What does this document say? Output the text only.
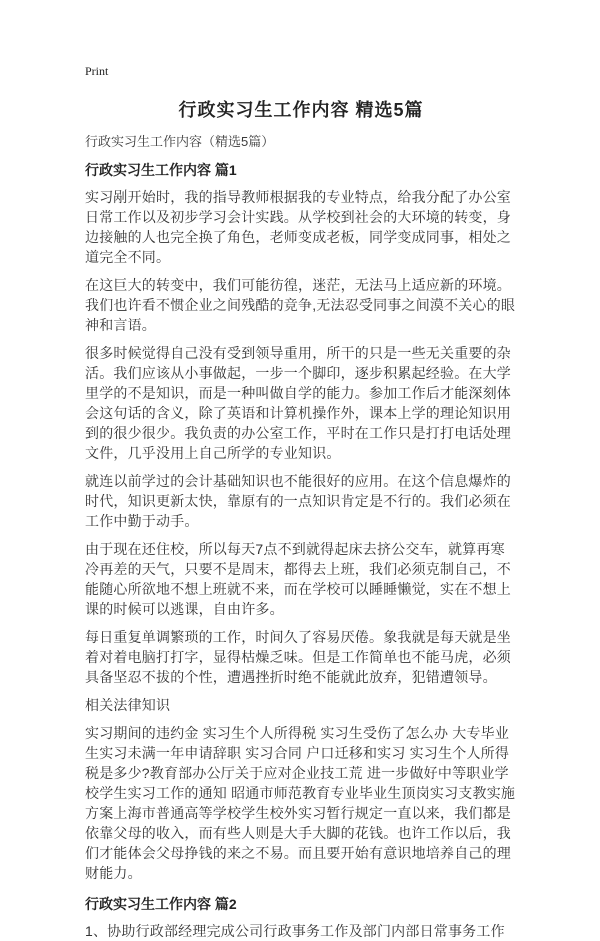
Print
行政实习生工作内容 精选5篇
行政实习生工作内容（精选5篇）
行政实习生工作内容 篇1

实习剐开始时，我的指导教师根据我的专业特点，给我分配了办公室日常工作以及初步学习会计实践。从学校到社会的大环境的转变，身边接触的人也完全换了角色，老师变成老板，同学变成同事，相处之道完全不同。

在这巨大的转变中，我们可能彷徨，迷茫，无法马上适应新的环境。我们也许看不惯企业之间残酷的竞争,无法忍受同事之间漠不关心的眼神和言语。

很多时候觉得自己没有受到领导重用，所干的只是一些无关重要的杂活。我们应该从小事做起，一步一个脚印，逐步积累起经验。在大学里学的不是知识，而是一种叫做自学的能力。参加工作后才能深刻体会这句话的含义，除了英语和计算机操作外，课本上学的理论知识用到的很少很少。我负责的办公室工作，平时在工作只是打打电话处理文件，几乎没用上自己所学的专业知识。

就连以前学过的会计基础知识也不能很好的应用。在这个信息爆炸的时代，知识更新太快，靠原有的一点知识肯定是不行的。我们必须在工作中勤于动手。

由于现在还住校，所以每天7点不到就得起床去挤公交车，就算再寒冷再差的天气，只要不是周末，都得去上班，我们必须克制自己，不能随心所欲地不想上班就不来，而在学校可以睡睡懒觉，实在不想上课的时候可以逃课，自由许多。

每日重复单调繁琐的工作，时间久了容易厌倦。象我就是每天就是坐着对着电脑打打字，显得枯燥乏味。但是工作简单也不能马虎，必须具备坚忍不拔的个性，遭遇挫折时绝不能就此放弃，犯错遭领导。

相关法律知识

实习期间的违约金 实习生个人所得税 实习生受伤了怎么办 大专毕业生实习未满一年申请辞职 实习合同 户口迁移和实习 实习生个人所得税是多少?教育部办公厅关于应对企业技工荒 进一步做好中等职业学校学生实习工作的通知 昭通市师范教育专业毕业生顶岗实习支教实施方案上海市普通高等学校学生校外实习暂行规定一直以来，我们都是依靠父母的收入，而有些人则是大手大脚的花钱。也许工作以后，我们才能体会父母挣钱的来之不易。而且要开始有意识地培养自己的理财能力。

行政实习生工作内容 篇2

1、协助行政部经理完成公司行政事务工作及部门内部日常事务工作
